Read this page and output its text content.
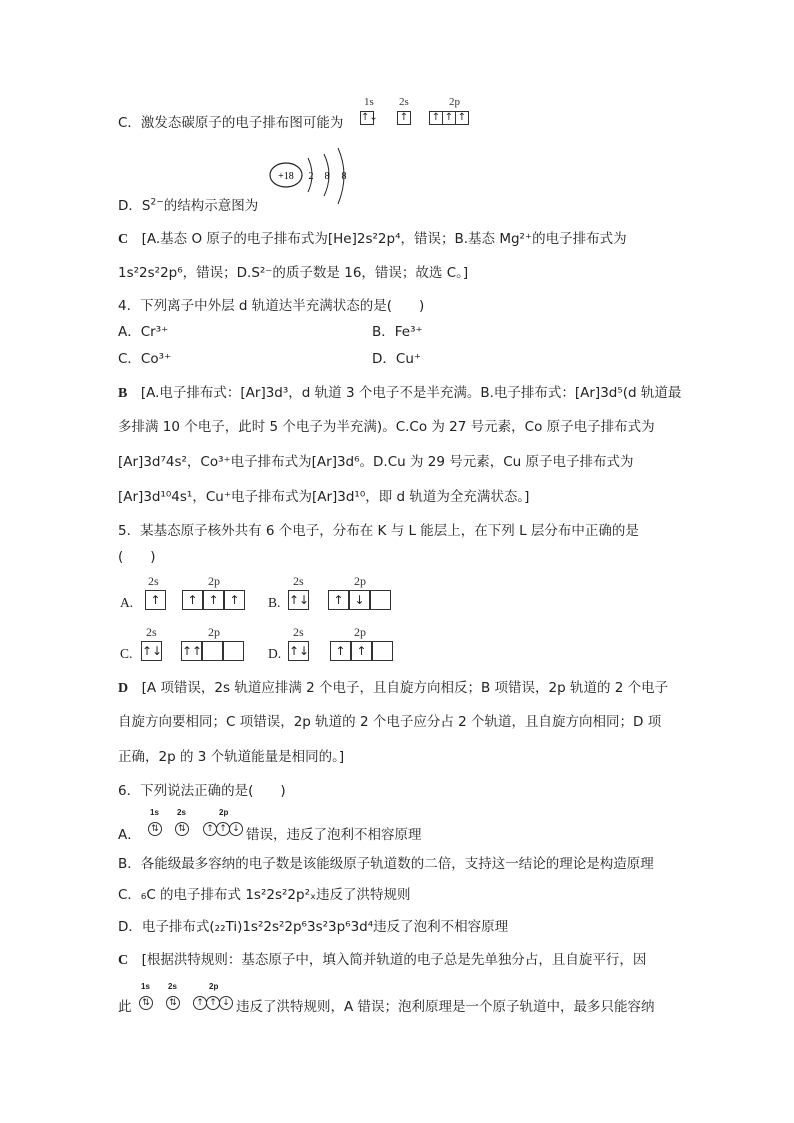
C．激发态碳原子的电子排布图可能为
1s 2s	2p
↑↓ ↑ ↑ ↑ ↑
+18 2 8 8
D．$S^{2-}$的结构示意图为
C　 [A.基态 O 原子的电子排布式为[He]2s²2p⁴，错误；B.基态 Mg²⁺的电子排布式为
1s²2s²2p⁶，错误；D.S²⁻的质子数是 16，错误；故选 C。]
4．下列离子中外层 d 轨道达半充满状态的是(　　)
A．Cr³⁺	B．Fe³⁺
C．Co³⁺	D．Cu⁺
B　 [A.电子排布式：[Ar]3d³，d 轨道 3 个电子不是半充满。B.电子排布式：[Ar]3d⁵(d 轨道最
多排满 10 个电子，此时 5 个电子为半充满)。C.Co 为 27 号元素，Co 原子电子排布式为
[Ar]3d⁷4s²，Co³⁺电子排布式为[Ar]3d⁶。D.Cu 为 29 号元素，Cu 原子电子排布式为
[Ar]3d¹⁰4s¹，Cu⁺电子排布式为[Ar]3d¹⁰，即 d 轨道为全充满状态。]
5．某基态原子核外共有 6 个电子，分布在 K 与 L 能层上，在下列 L 层分布中正确的是
(　　)
2s	2p
A.	↑	↑ ↑ ↑
2s	2p
B. ↑↓	↑ ↓
2s	2p
C. ↑↓ ↑↑
2s	2p
D. ↑↓	↑ ↑
D　 [A 项错误，2s 轨道应排满 2 个电子，且自旋方向相反；B 项错误，2p 轨道的 2 个电子
自旋方向要相同；C 项错误，2p 轨道的 2 个电子应分占 2 个轨道，且自旋方向相同；D 项
正确，2p 的 3 个轨道能量是相同的。]
6．下列说法正确的是(　　)
1s 2s	2p
⇅	⇅	↑ ↑ ↓
A．	错误，违反了泡利不相容原理
B．各能级最多容纳的电子数是该能级原子轨道数的二倍，支持这一结论的理论是构造原理
C．₆C 的电子排布式 1s²2s²2p²ₓ违反了洪特规则
D．电子排布式(₂₂Ti)1s²2s²2p⁶3s²3p⁶3d⁴违反了泡利不相容原理
C　 [根据洪特规则：基态原子中，填入简并轨道的电子总是先单独分占，且自旋平行，因
1s 2s	2p
⇅	⇅	↑ ↑ ↓
此	违反了洪特规则，A 错误；泡利原理是一个原子轨道中，最多只能容纳
